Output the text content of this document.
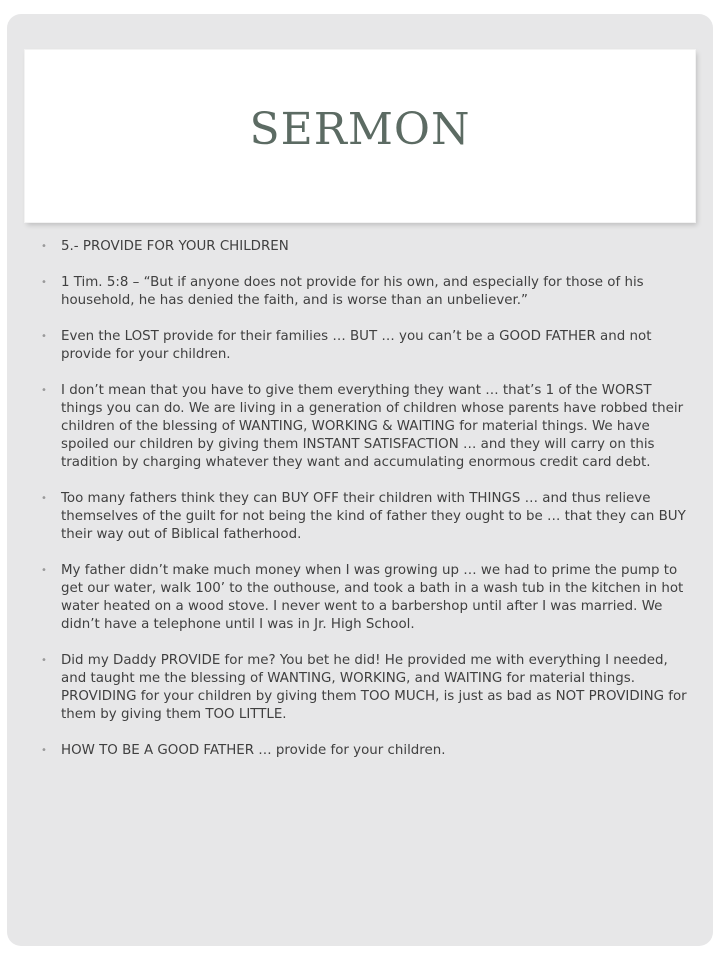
SERMON
• 5.- PROVIDE FOR YOUR CHILDREN
• 1 Tim. 5:8 – “But if anyone does not provide for his own, and especially for those of his household, he has denied the faith, and is worse than an unbeliever.”
• Even the LOST provide for their families … BUT … you can’t be a GOOD FATHER and not provide for your children.
• I don’t mean that you have to give them everything they want … that’s 1 of the WORST things you can do. We are living in a generation of children whose parents have robbed their children of the blessing of WANTING, WORKING & WAITING for material things. We have spoiled our children by giving them INSTANT SATISFACTION … and they will carry on this tradition by charging whatever they want and accumulating enormous credit card debt.
• Too many fathers think they can BUY OFF their children with THINGS … and thus relieve themselves of the guilt for not being the kind of father they ought to be … that they can BUY their way out of Biblical fatherhood.
• My father didn’t make much money when I was growing up … we had to prime the pump to get our water, walk 100’ to the outhouse, and took a bath in a wash tub in the kitchen in hot water heated on a wood stove. I never went to a barbershop until after I was married. We didn’t have a telephone until I was in Jr. High School.
• Did my Daddy PROVIDE for me? You bet he did! He provided me with everything I needed, and taught me the blessing of WANTING, WORKING, and WAITING for material things. PROVIDING for your children by giving them TOO MUCH, is just as bad as NOT PROVIDING for them by giving them TOO LITTLE.
• HOW TO BE A GOOD FATHER … provide for your children.
